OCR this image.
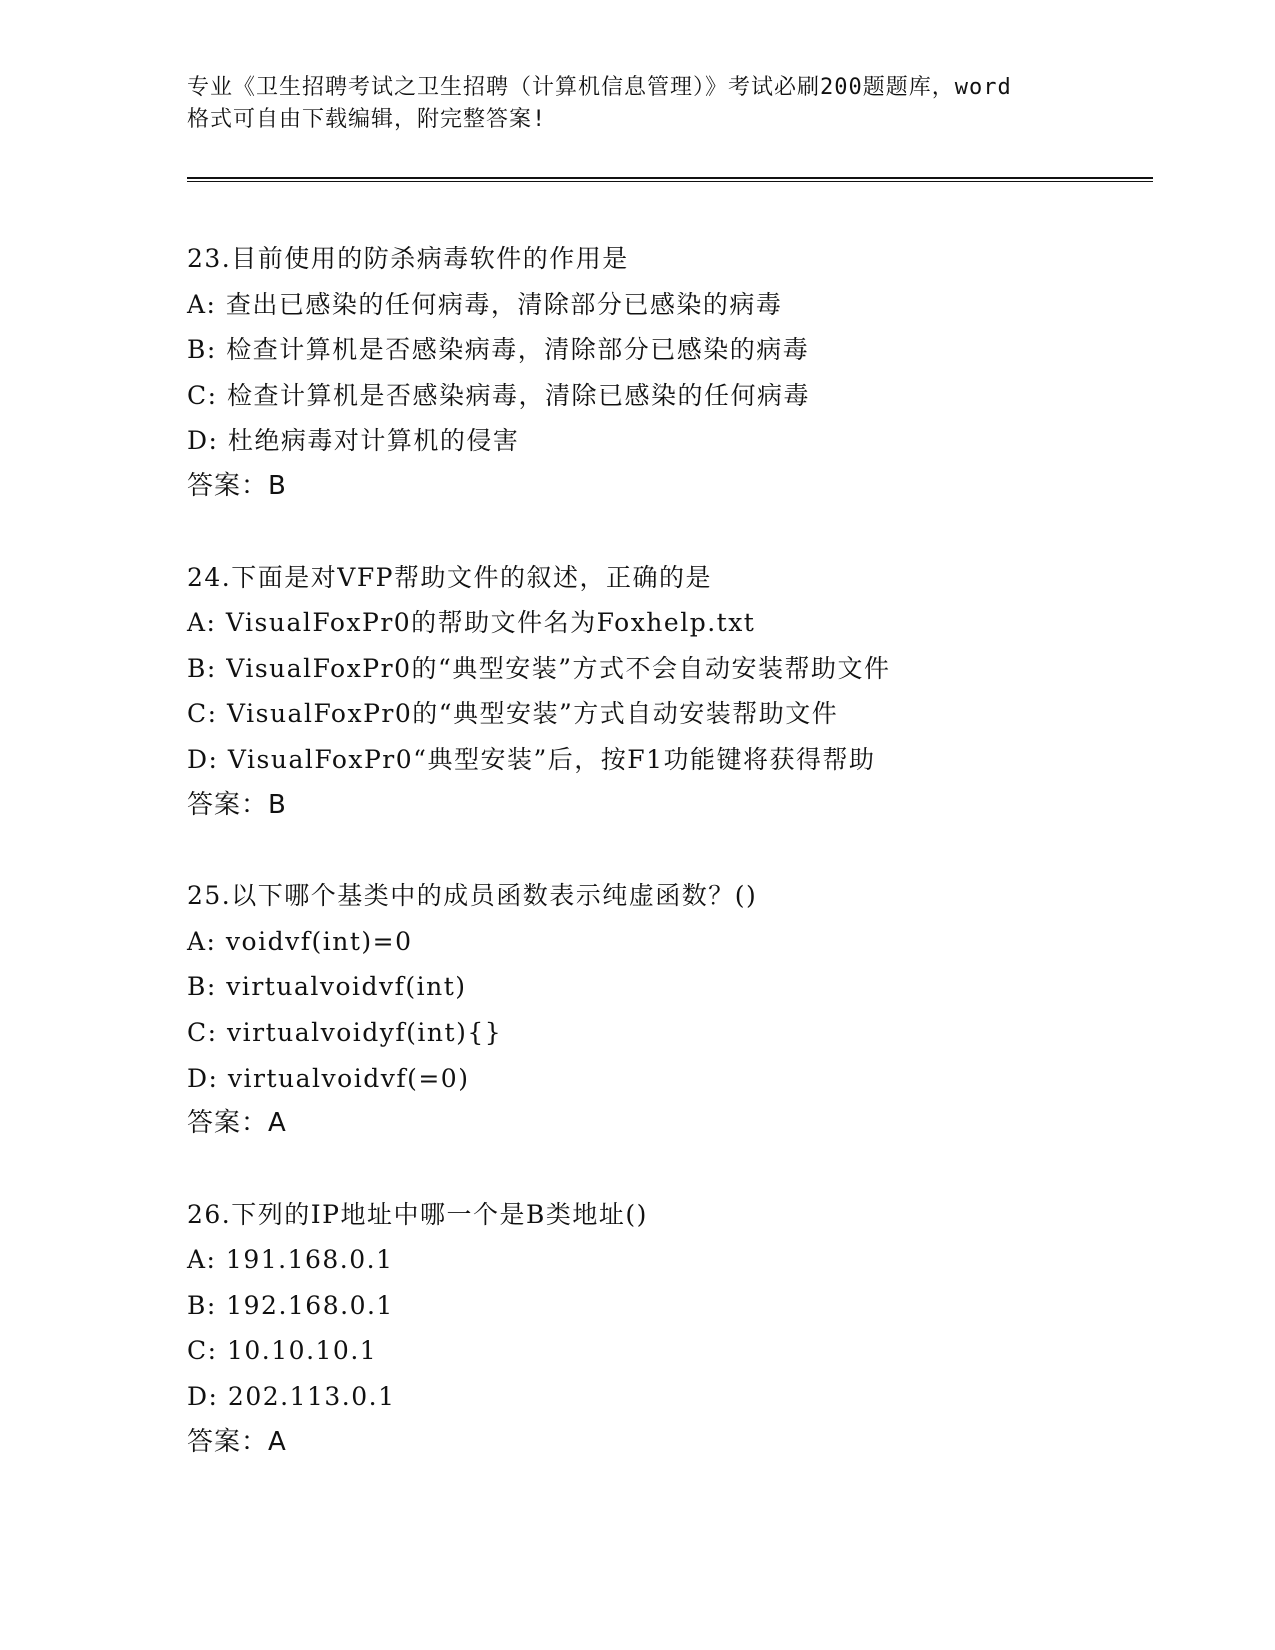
专业《卫生招聘考试之卫生招聘（计算机信息管理）》考试必刷200题题库，word
格式可自由下载编辑，附完整答案!
23.目前使用的防杀病毒软件的作用是
A: 查出已感染的任何病毒，清除部分已感染的病毒
B: 检查计算机是否感染病毒，清除部分已感染的病毒
C: 检查计算机是否感染病毒，清除已感染的任何病毒
D: 杜绝病毒对计算机的侵害
答案：B
24.下面是对VFP帮助文件的叙述，正确的是
A: VisualFoxPr0的帮助文件名为Foxhelp.txt
B: VisualFoxPr0的“典型安装”方式不会自动安装帮助文件
C: VisualFoxPr0的“典型安装”方式自动安装帮助文件
D: VisualFoxPr0“典型安装”后，按F1功能键将获得帮助
答案：B
25.以下哪个基类中的成员函数表示纯虚函数？()
A: voidvf(int)=0
B: virtualvoidvf(int)
C: virtualvoidyf(int){}
D: virtualvoidvf(=0)
答案：A
26.下列的IP地址中哪一个是B类地址()
A: 191.168.0.1
B: 192.168.0.1
C: 10.10.10.1
D: 202.113.0.1
答案：A
